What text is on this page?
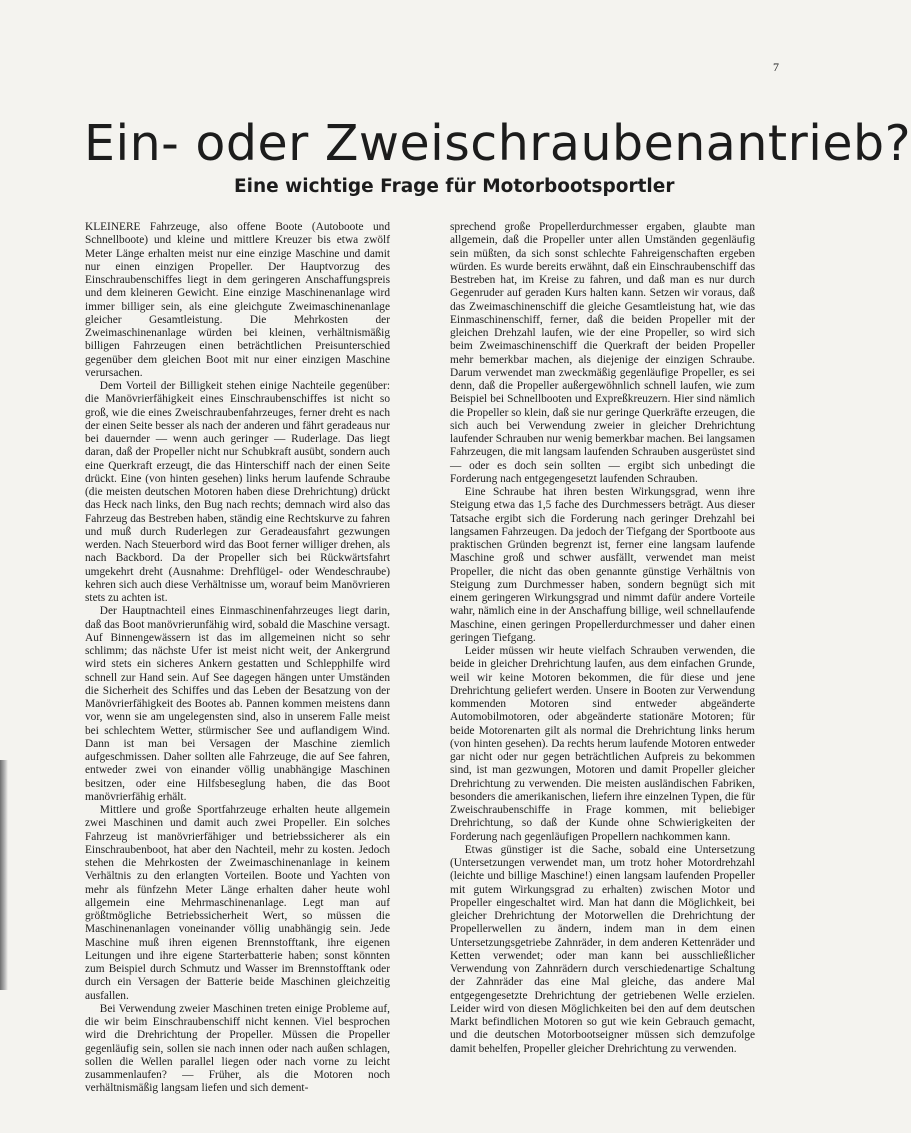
7
Ein- oder Zweischraubenantrieb?
Eine wichtige Frage für Motorbootsportler

KLEINERE Fahrzeuge, also offene Boote (Autoboote und Schnellboote) und kleine und mittlere Kreuzer bis etwa zwölf Meter Länge erhalten meist nur eine einzige Maschine und damit nur einen einzigen Propeller. Der Hauptvorzug des Einschraubenschiffes liegt in dem geringeren Anschaffungspreis und dem kleineren Gewicht. Eine einzige Maschinenanlage wird immer billiger sein, als eine gleichgute Zweimaschinenanlage gleicher Gesamtleistung. Die Mehrkosten der Zweimaschinenanlage würden bei kleinen, verhältnismäßig billigen Fahrzeugen einen beträchtlichen Preisunterschied gegenüber dem gleichen Boot mit nur einer einzigen Maschine verursachen.

Dem Vorteil der Billigkeit stehen einige Nachteile gegenüber: die Manövrierfähigkeit eines Einschraubenschiffes ist nicht so groß, wie die eines Zweischraubenfahrzeuges, ferner dreht es nach der einen Seite besser als nach der anderen und fährt geradeaus nur bei dauernder — wenn auch geringer — Ruderlage. Das liegt daran, daß der Propeller nicht nur Schubkraft ausübt, sondern auch eine Querkraft erzeugt, die das Hinterschiff nach der einen Seite drückt. Eine (von hinten gesehen) links herum laufende Schraube (die meisten deutschen Motoren haben diese Drehrichtung) drückt das Heck nach links, den Bug nach rechts; demnach wird also das Fahrzeug das Bestreben haben, ständig eine Rechtskurve zu fahren und muß durch Ruderlegen zur Geradeausfahrt gezwungen werden. Nach Steuerbord wird das Boot ferner williger drehen, als nach Backbord. Da der Propeller sich bei Rückwärtsfahrt umgekehrt dreht (Ausnahme: Drehflügel- oder Wendeschraube) kehren sich auch diese Verhältnisse um, worauf beim Manövrieren stets zu achten ist.

Der Hauptnachteil eines Einmaschinenfahrzeuges liegt darin, daß das Boot manövrierunfähig wird, sobald die Maschine versagt. Auf Binnengewässern ist das im allgemeinen nicht so sehr schlimm; das nächste Ufer ist meist nicht weit, der Ankergrund wird stets ein sicheres Ankern gestatten und Schlepphilfe wird schnell zur Hand sein. Auf See dagegen hängen unter Umständen die Sicherheit des Schiffes und das Leben der Besatzung von der Manövrierfähigkeit des Bootes ab. Pannen kommen meistens dann vor, wenn sie am ungelegensten sind, also in unserem Falle meist bei schlechtem Wetter, stürmischer See und auflandigem Wind. Dann ist man bei Versagen der Maschine ziemlich aufgeschmissen. Daher sollten alle Fahrzeuge, die auf See fahren, entweder zwei von einander völlig unabhängige Maschinen besitzen, oder eine Hilfsbeseglung haben, die das Boot manövrierfähig erhält.

Mittlere und große Sportfahrzeuge erhalten heute allgemein zwei Maschinen und damit auch zwei Propeller. Ein solches Fahrzeug ist manövrierfähiger und betriebssicherer als ein Einschraubenboot, hat aber den Nachteil, mehr zu kosten. Jedoch stehen die Mehrkosten der Zweimaschinenanlage in keinem Verhältnis zu den erlangten Vorteilen. Boote und Yachten von mehr als fünfzehn Meter Länge erhalten daher heute wohl allgemein eine Mehrmaschinenanlage. Legt man auf größtmögliche Betriebssicherheit Wert, so müssen die Maschinenanlagen voneinander völlig unabhängig sein. Jede Maschine muß ihren eigenen Brennstofftank, ihre eigenen Leitungen und ihre eigene Starterbatterie haben; sonst könnten zum Beispiel durch Schmutz und Wasser im Brennstofftank oder durch ein Versagen der Batterie beide Maschinen gleichzeitig ausfallen.

Bei Verwendung zweier Maschinen treten einige Probleme auf, die wir beim Einschraubenschiff nicht kennen. Viel besprochen wird die Drehrichtung der Propeller. Müssen die Propeller gegenläufig sein, sollen sie nach innen oder nach außen schlagen, sollen die Wellen parallel liegen oder nach vorne zu leicht zusammenlaufen? — Früher, als die Motoren noch verhältnismäßig langsam liefen und sich dement-

sprechend große Propellerdurchmesser ergaben, glaubte man allgemein, daß die Propeller unter allen Umständen gegenläufig sein müßten, da sich sonst schlechte Fahreigenschaften ergeben würden. Es wurde bereits erwähnt, daß ein Einschraubenschiff das Bestreben hat, im Kreise zu fahren, und daß man es nur durch Gegenruder auf geraden Kurs halten kann. Setzen wir voraus, daß das Zweimaschinenschiff die gleiche Gesamtleistung hat, wie das Einmaschinenschiff, ferner, daß die beiden Propeller mit der gleichen Drehzahl laufen, wie der eine Propeller, so wird sich beim Zweimaschinenschiff die Querkraft der beiden Propeller mehr bemerkbar machen, als diejenige der einzigen Schraube. Darum verwendet man zweckmäßig gegenläufige Propeller, es sei denn, daß die Propeller außergewöhnlich schnell laufen, wie zum Beispiel bei Schnellbooten und Expreßkreuzern. Hier sind nämlich die Propeller so klein, daß sie nur geringe Querkräfte erzeugen, die sich auch bei Verwendung zweier in gleicher Drehrichtung laufender Schrauben nur wenig bemerkbar machen. Bei langsamen Fahrzeugen, die mit langsam laufenden Schrauben ausgerüstet sind — oder es doch sein sollten — ergibt sich unbedingt die Forderung nach entgegengesetzt laufenden Schrauben.

Eine Schraube hat ihren besten Wirkungsgrad, wenn ihre Steigung etwa das 1,5 fache des Durchmessers beträgt. Aus dieser Tatsache ergibt sich die Forderung nach geringer Drehzahl bei langsamen Fahrzeugen. Da jedoch der Tiefgang der Sportboote aus praktischen Gründen begrenzt ist, ferner eine langsam laufende Maschine groß und schwer ausfällt, verwendet man meist Propeller, die nicht das oben genannte günstige Verhältnis von Steigung zum Durchmesser haben, sondern begnügt sich mit einem geringeren Wirkungsgrad und nimmt dafür andere Vorteile wahr, nämlich eine in der Anschaffung billige, weil schnellaufende Maschine, einen geringen Propellerdurchmesser und daher einen geringen Tiefgang.

Leider müssen wir heute vielfach Schrauben verwenden, die beide in gleicher Drehrichtung laufen, aus dem einfachen Grunde, weil wir keine Motoren bekommen, die für diese und jene Drehrichtung geliefert werden. Unsere in Booten zur Verwendung kommenden Motoren sind entweder abgeänderte Automobilmotoren, oder abgeänderte stationäre Motoren; für beide Motorenarten gilt als normal die Drehrichtung links herum (von hinten gesehen). Da rechts herum laufende Motoren entweder gar nicht oder nur gegen beträchtlichen Aufpreis zu bekommen sind, ist man gezwungen, Motoren und damit Propeller gleicher Drehrichtung zu verwenden. Die meisten ausländischen Fabriken, besonders die amerikanischen, liefern ihre einzelnen Typen, die für Zweischraubenschiffe in Frage kommen, mit beliebiger Drehrichtung, so daß der Kunde ohne Schwierigkeiten der Forderung nach gegenläufigen Propellern nachkommen kann.

Etwas günstiger ist die Sache, sobald eine Untersetzung (Untersetzungen verwendet man, um trotz hoher Motordrehzahl (leichte und billige Maschine!) einen langsam laufenden Propeller mit gutem Wirkungsgrad zu erhalten) zwischen Motor und Propeller eingeschaltet wird. Man hat dann die Möglichkeit, bei gleicher Drehrichtung der Motorwellen die Drehrichtung der Propellerwellen zu ändern, indem man in dem einen Untersetzungsgetriebe Zahnräder, in dem anderen Kettenräder und Ketten verwendet; oder man kann bei ausschließlicher Verwendung von Zahnrädern durch verschiedenartige Schaltung der Zahnräder das eine Mal gleiche, das andere Mal entgegengesetzte Drehrichtung der getriebenen Welle erzielen. Leider wird von diesen Möglichkeiten bei den auf dem deutschen Markt befindlichen Motoren so gut wie kein Gebrauch gemacht, und die deutschen Motorbootseigner müssen sich demzufolge damit behelfen, Propeller gleicher Drehrichtung zu verwenden.
